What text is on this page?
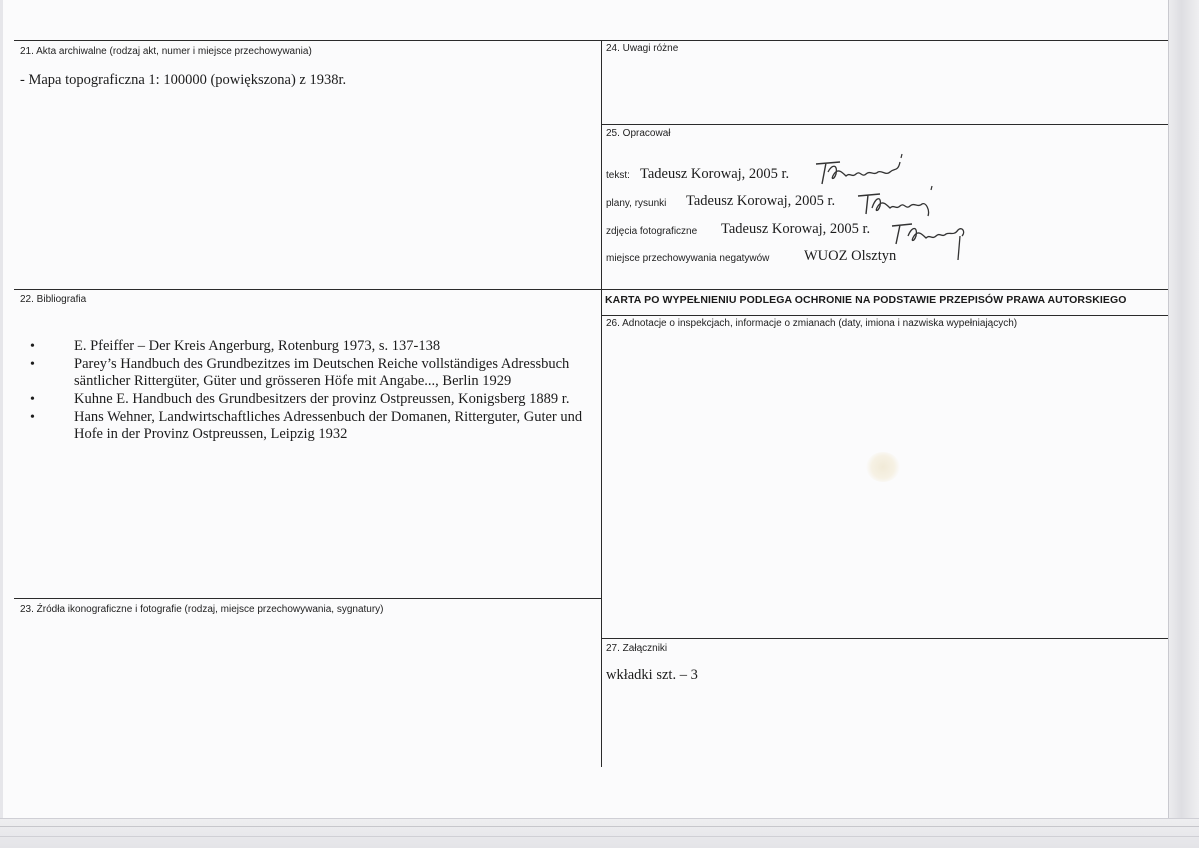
21. Akta archiwalne (rodzaj akt, numer i miejsce przechowywania)
- Mapa topograficzna 1: 100000 (powiększona) z 1938r.
22. Bibliografia
•	E. Pfeiffer – Der Kreis Angerburg, Rotenburg 1973, s. 137-138
•	Parey’s Handbuch des Grundbezitzes im Deutschen Reiche vollständiges Adressbuch säntlicher Rittergüter, Güter und grösseren Höfe mit Angabe..., Berlin 1929
•	Kuhne E. Handbuch des Grundbesitzers der provinz Ostpreussen, Konigsberg 1889 r.
•	Hans Wehner, Landwirtschaftliches Adressenbuch der Domanen, Ritterguter, Guter und Hofe in der Provinz Ostpreussen, Leipzig 1932
23. Źródła ikonograficzne i fotografie (rodzaj, miejsce przechowywania, sygnatury)
24. Uwagi różne
25. Opracował
tekst: Tadeusz Korowaj, 2005 r.
plany, rysunki Tadeusz Korowaj, 2005 r.
zdjęcia fotograficzne Tadeusz Korowaj, 2005 r.
miejsce przechowywania negatywów WUOZ Olsztyn
KARTA PO WYPEŁNIENIU PODLEGA OCHRONIE NA PODSTAWIE PRZEPISÓW PRAWA AUTORSKIEGO
26. Adnotacje o inspekcjach, informacje o zmianach (daty, imiona i nazwiska wypełniających)
27. Załączniki
wkładki szt. – 3
